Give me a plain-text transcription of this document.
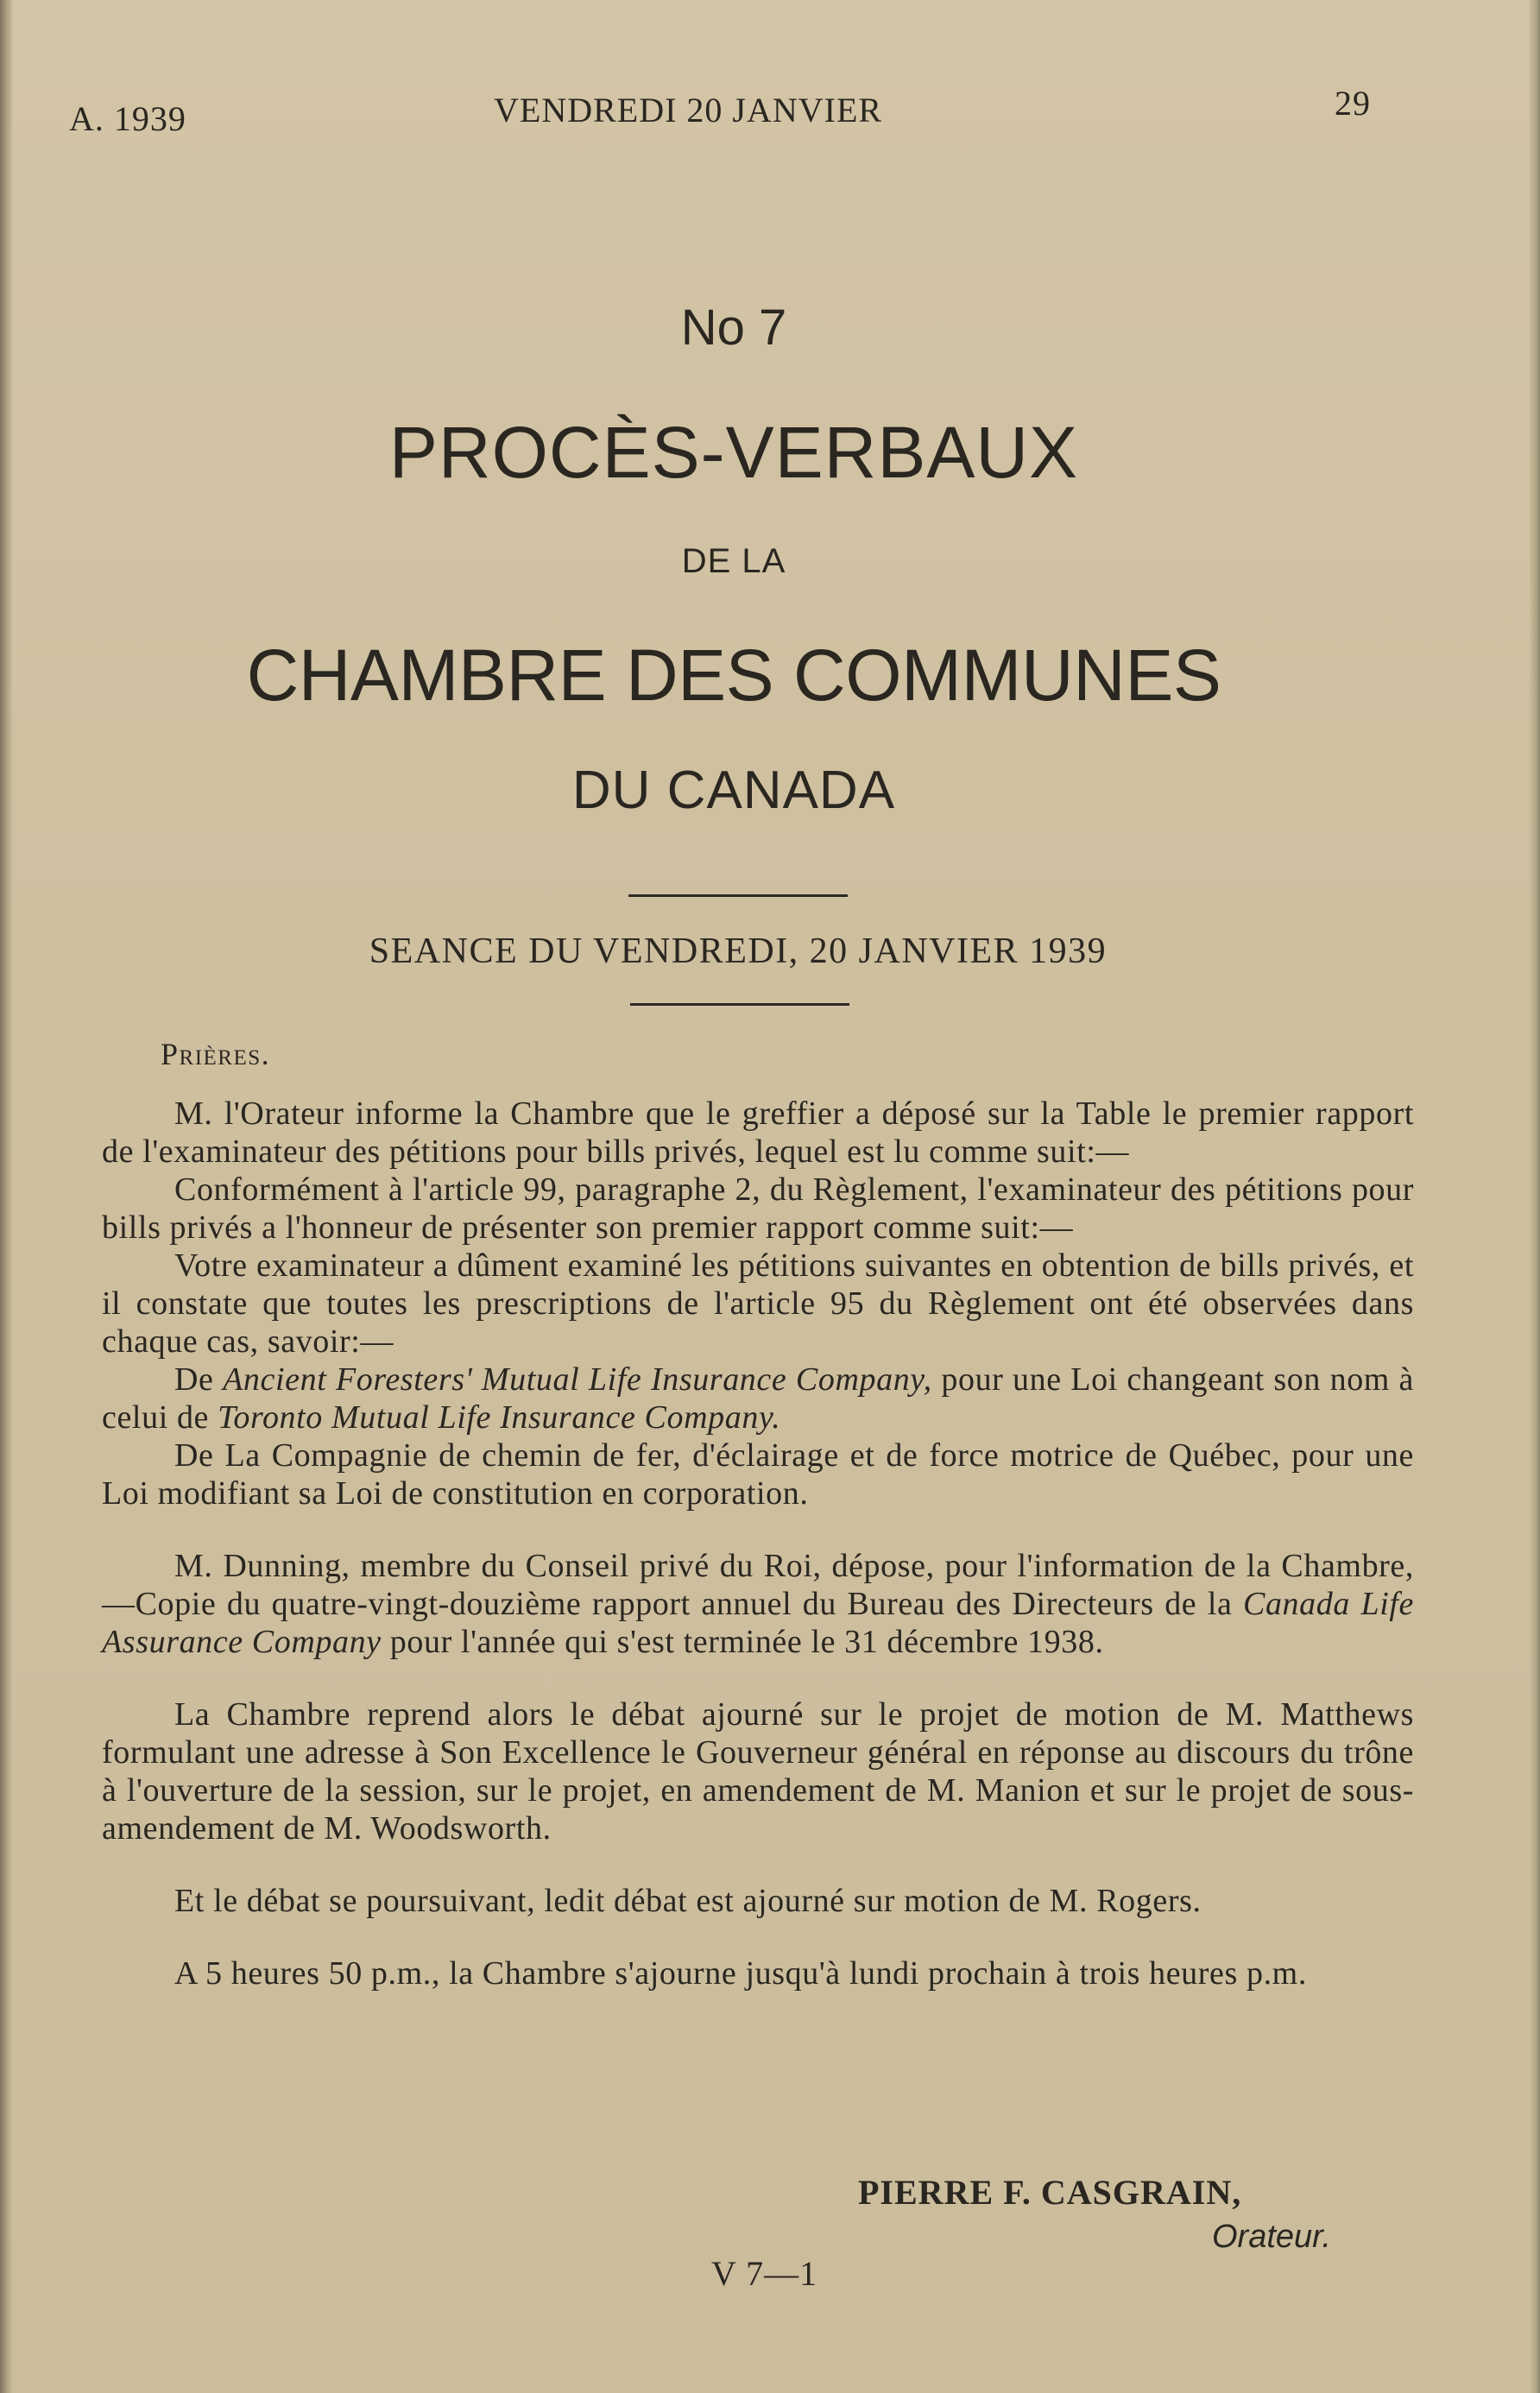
A. 1939	VENDREDI 20 JANVIER	29
No 7
PROCÈS-VERBAUX
DE LA
CHAMBRE DES COMMUNES
DU CANADA
SEANCE DU VENDREDI, 20 JANVIER 1939
Prières.

M. l'Orateur informe la Chambre que le greffier a déposé sur la Table le premier rapport de l'examinateur des pétitions pour bills privés, lequel est lu comme suit:—

Conformément à l'article 99, paragraphe 2, du Règlement, l'examinateur des pétitions pour bills privés a l'honneur de présenter son premier rapport comme suit:—

Votre examinateur a dûment examiné les pétitions suivantes en obtention de bills privés, et il constate que toutes les prescriptions de l'article 95 du Règlement ont été observées dans chaque cas, savoir:—

De Ancient Foresters' Mutual Life Insurance Company, pour une Loi changeant son nom à celui de Toronto Mutual Life Insurance Company.

De La Compagnie de chemin de fer, d'éclairage et de force motrice de Québec, pour une Loi modifiant sa Loi de constitution en corporation.

M. Dunning, membre du Conseil privé du Roi, dépose, pour l'information de la Chambre,—Copie du quatre-vingt-douzième rapport annuel du Bureau des Directeurs de la Canada Life Assurance Company pour l'année qui s'est terminée le 31 décembre 1938.

La Chambre reprend alors le débat ajourné sur le projet de motion de M. Matthews formulant une adresse à Son Excellence le Gouverneur général en réponse au discours du trône à l'ouverture de la session, sur le projet, en amendement de M. Manion et sur le projet de sous-amendement de M. Woodsworth.

Et le débat se poursuivant, ledit débat est ajourné sur motion de M. Rogers.

A 5 heures 50 p.m., la Chambre s'ajourne jusqu'à lundi prochain à trois heures p.m.

PIERRE F. CASGRAIN,
Orateur.
V 7—1
